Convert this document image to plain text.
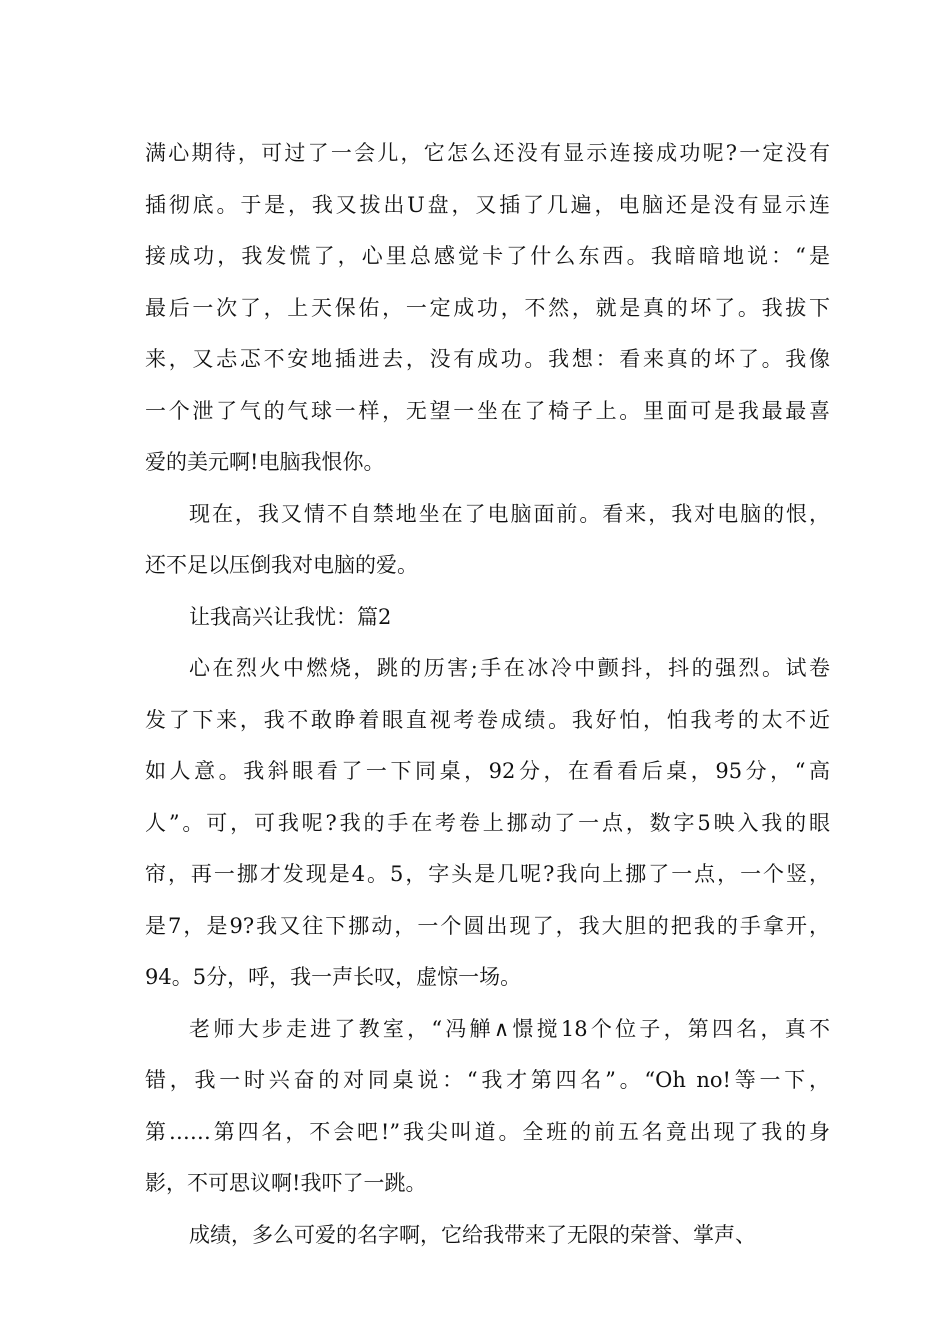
满心期待，可过了一会儿，它怎么还没有显示连接成功呢?一定没有
插彻底。于是，我又拔出U盘，又插了几遍，电脑还是没有显示连
接成功，我发慌了，心里总感觉卡了什么东西。我暗暗地说：“是
最后一次了，上天保佑，一定成功，不然，就是真的坏了。我拔下
来，又忐忑不安地插进去，没有成功。我想：看来真的坏了。我像
一个泄了气的气球一样，无望一坐在了椅子上。里面可是我最最喜
爱的美元啊!电脑我恨你。
现在，我又情不自禁地坐在了电脑面前。看来，我对电脑的恨，
还不足以压倒我对电脑的爱。
让我高兴让我忧：篇2
心在烈火中燃烧，跳的历害;手在冰冷中颤抖，抖的强烈。试卷
发了下来，我不敢睁着眼直视考卷成绩。我好怕，怕我考的太不近
如人意。我斜眼看了一下同桌，92分，在看看后桌，95分，“高
人”。可，可我呢?我的手在考卷上挪动了一点，数字5映入我的眼
帘，再一挪才发现是4。5，字头是几呢?我向上挪了一点，一个竖，
是7，是9?我又往下挪动，一个圆出现了，我大胆的把我的手拿开，
94。5分，呼，我一声长叹，虚惊一场。
老师大步走进了教室，“冯觯∧憬搅18个位子，第四名，真不
错，我一时兴奋的对同桌说：“我才第四名”。“Oh no!等一下，
第……第四名，不会吧!”我尖叫道。全班的前五名竟出现了我的身
影，不可思议啊!我吓了一跳。
成绩，多么可爱的名字啊，它给我带来了无限的荣誉、掌声、
